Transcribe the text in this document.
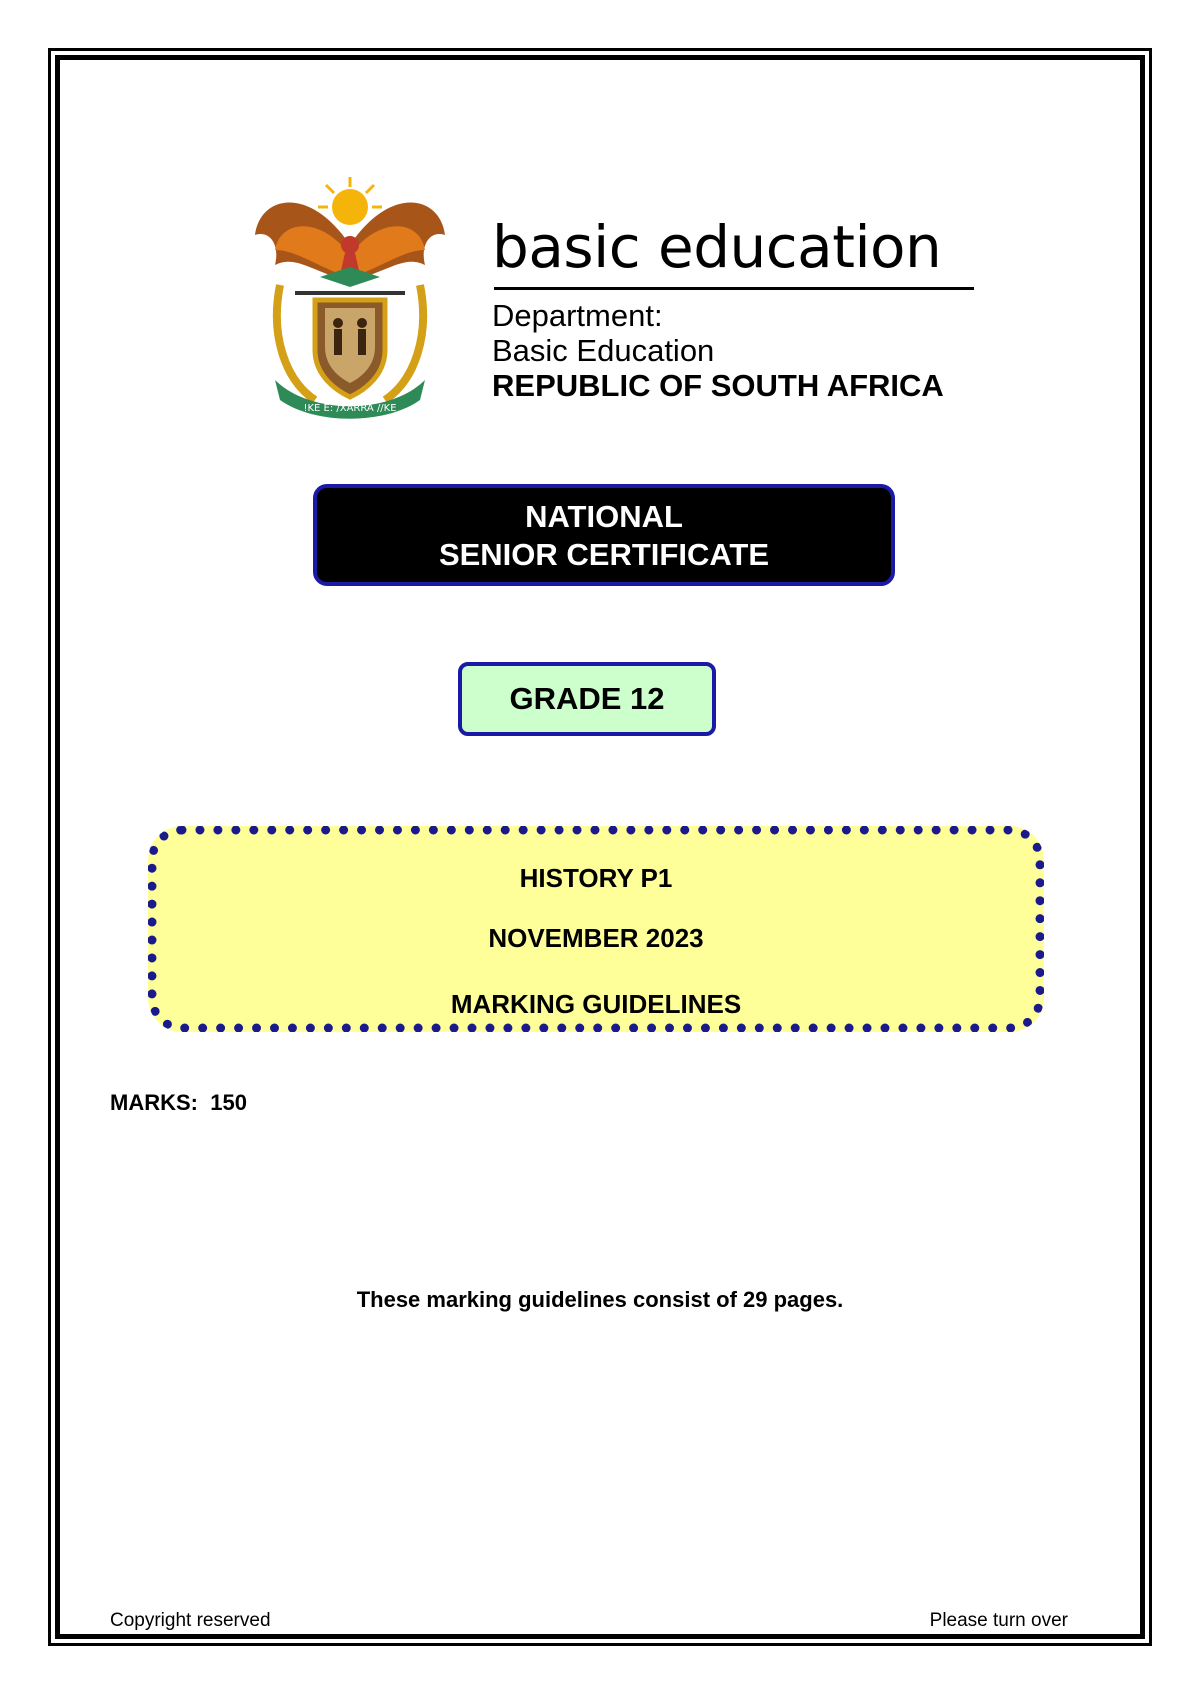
!KE E: /XARRA //KE
basic education
Department:
Basic Education
REPUBLIC OF SOUTH AFRICA
NATIONAL
SENIOR CERTIFICATE
GRADE 12
HISTORY P1
NOVEMBER 2023
MARKING GUIDELINES
MARKS: 150
These marking guidelines consist of 29 pages.
Copyright reserved	Please turn over
